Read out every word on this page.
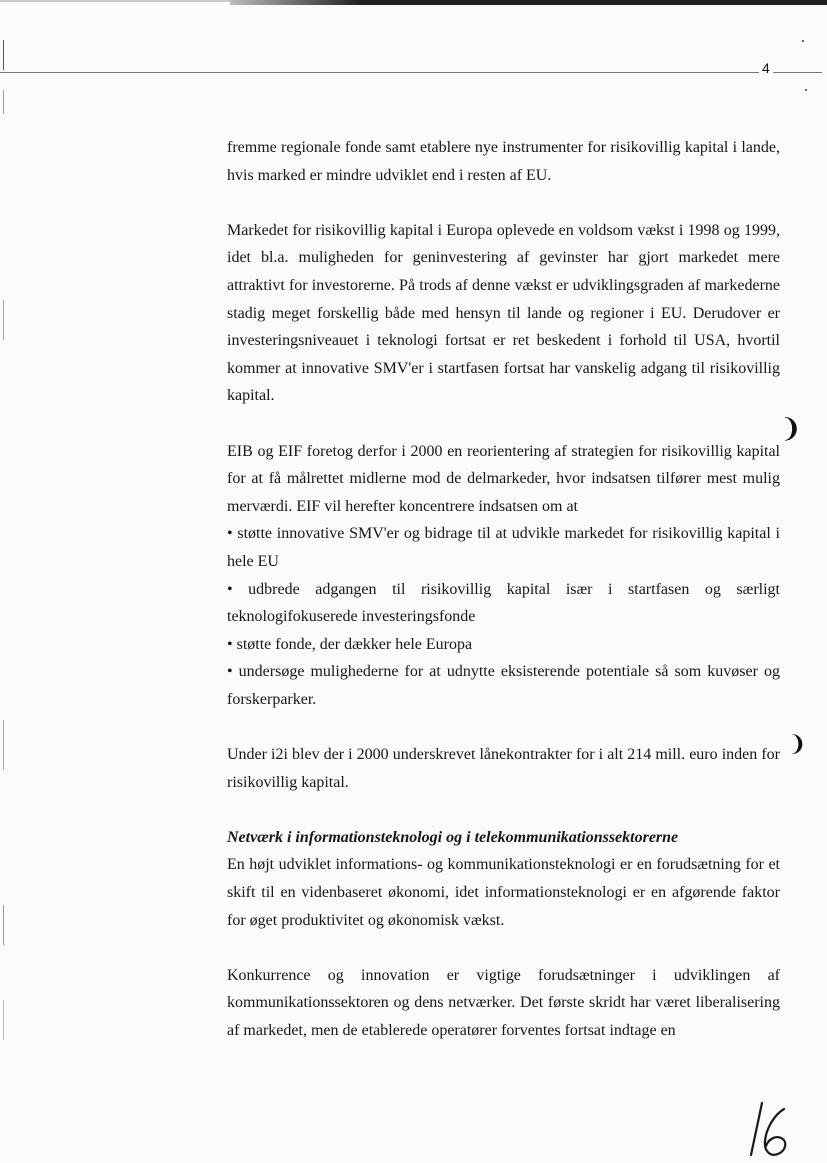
4
❩
❩

fremme regionale fonde samt etablere nye instrumenter for risikovillig kapital i lande, hvis marked er mindre udviklet end i resten af EU.

Markedet for risikovillig kapital i Europa oplevede en voldsom vækst i 1998 og 1999, idet bl.a. muligheden for geninvestering af gevinster har gjort markedet mere attraktivt for investorerne. På trods af denne vækst er udviklingsgraden af markederne stadig meget forskellig både med hensyn til lande og regioner i EU. Derudover er investeringsniveauet i teknologi fortsat er ret beskedent i forhold til USA, hvortil kommer at innovative SMV'er i startfasen fortsat har vanskelig adgang til risikovillig kapital.

EIB og EIF foretog derfor i 2000 en reorientering af strategien for risikovillig kapital for at få målrettet midlerne mod de delmarkeder, hvor indsatsen tilfører mest mulig merværdi. EIF vil herefter koncentrere indsatsen om at

• støtte innovative SMV'er og bidrage til at udvikle markedet for risikovillig kapital i hele EU

• udbrede adgangen til risikovillig kapital især i startfasen og særligt teknologifokuserede investeringsfonde

• støtte fonde, der dækker hele Europa

• undersøge mulighederne for at udnytte eksisterende potentiale så som kuvøser og forskerparker.

Under i2i blev der i 2000 underskrevet lånekontrakter for i alt 214 mill. euro inden for risikovillig kapital.

Netværk i informationsteknologi og i telekommunikationssektorerne

En højt udviklet informations- og kommunikationsteknologi er en forudsætning for et skift til en videnbaseret økonomi, idet informationsteknologi er en afgørende faktor for øget produktivitet og økonomisk vækst.

Konkurrence og innovation er vigtige forudsætninger i udviklingen af kommunikationssektoren og dens netværker. Det første skridt har været liberalisering af markedet, men de etablerede operatører forventes fortsat indtage en
